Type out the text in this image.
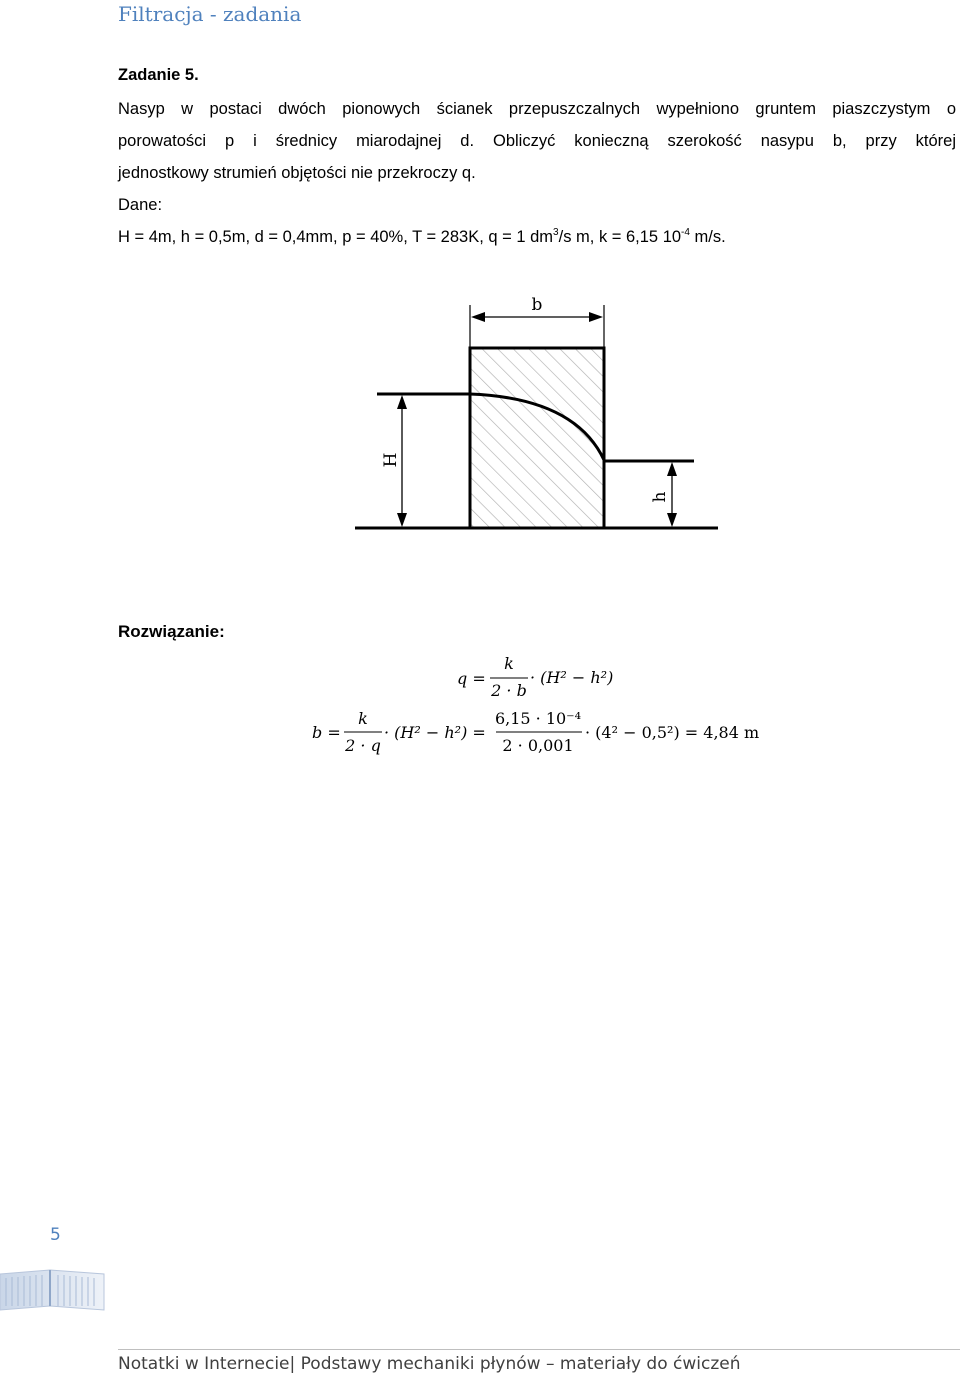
Filtracja - zadania
Zadanie 5.
Nasyp w postaci dwóch pionowych ścianek przepuszczalnych wypełniono gruntem piaszczystym o
porowatości p i średnicy miarodajnej d. Obliczyć konieczną szerokość nasypu b, przy której
jednostkowy strumień objętości nie przekroczy q.
Dane:
H = 4m, h = 0,5m, d = 0,4mm, p = 40%, T = 283K, q = 1 $dm^3/s$ m, k = 6,15 $10^{-4}$ m/s.
b
H
h
Rozwiązanie:
q =
k
2 · b
· (H² − h²)
b =
k
2 · q
· (H² − h²) =
6,15 · 10⁻⁴
2 · 0,001
· (4² − 0,5²) = 4,84 m
5
Notatki w Internecie| Podstawy mechaniki płynów – materiały do ćwiczeń
